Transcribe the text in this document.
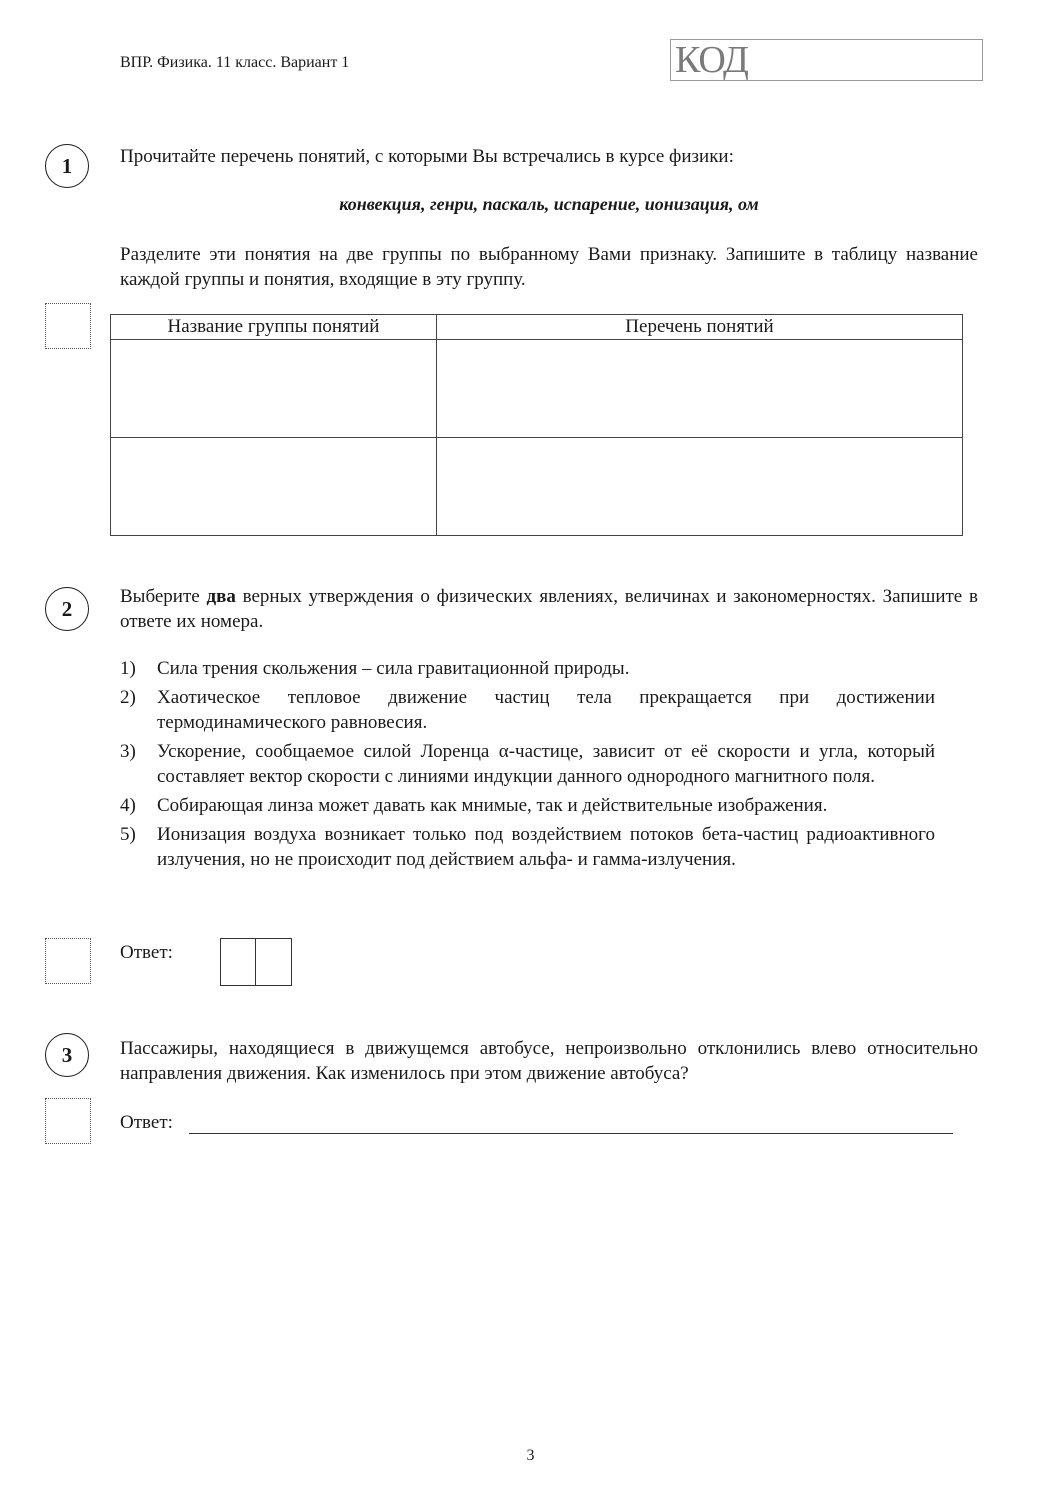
ВПР. Физика. 11 класс. Вариант 1	КОД
1	Прочитайте перечень понятий, с которыми Вы встречались в курсе физики:
конвекция, генри, паскаль, испарение, ионизация, ом
Разделите эти понятия на две группы по выбранному Вами признаку. Запишите в таблицу название каждой группы и понятия, входящие в эту группу.
Название группы понятий	Перечень понятий

2	Выберите два верных утверждения о физических явлениях, величинах и закономерностях. Запишите в ответе их номера.
1)	Сила трения скольжения – сила гравитационной природы.
2)	Хаотическое тепловое движение частиц тела прекращается при достижении термодинамического равновесия.
3)	Ускорение, сообщаемое силой Лоренца α-частице, зависит от её скорости и угла, который составляет вектор скорости с линиями индукции данного однородного магнитного поля.
4)	Собирающая линза может давать как мнимые, так и действительные изображения.
5)	Ионизация воздуха возникает только под воздействием потоков бета-частиц радиоактивного излучения, но не происходит под действием альфа- и гамма-излучения.
Ответ:
3	Пассажиры, находящиеся в движущемся автобусе, непроизвольно отклонились влево относительно направления движения. Как изменилось при этом движение автобуса?
Ответ:
3
